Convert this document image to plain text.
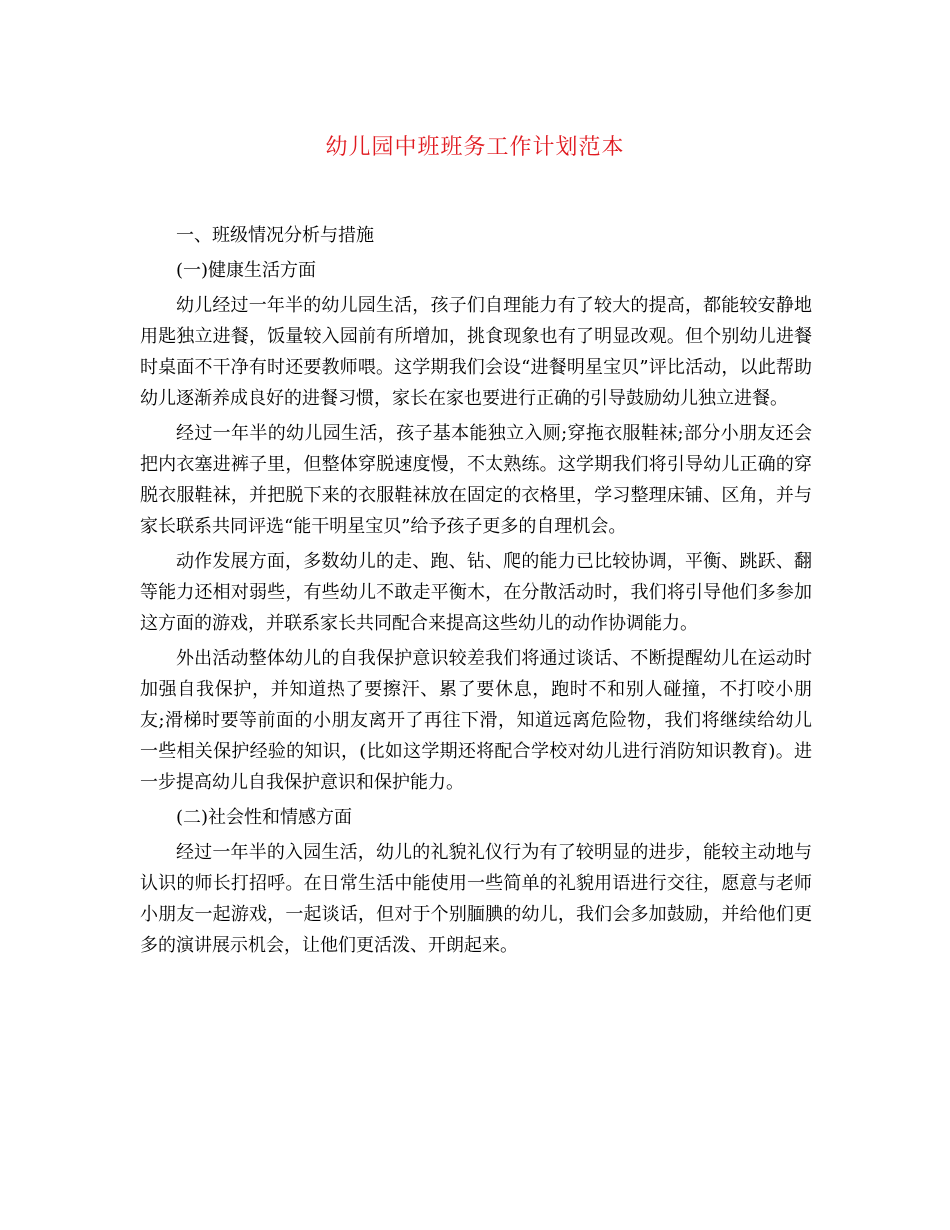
幼儿园中班班务工作计划范本

一、班级情况分析与措施

(一)健康生活方面

幼儿经过一年半的幼儿园生活，孩子们自理能力有了较大的提高，都能较安静地用匙独立进餐，饭量较入园前有所增加，挑食现象也有了明显改观。但个别幼儿进餐时桌面不干净有时还要教师喂。这学期我们会设“进餐明星宝贝”评比活动，以此帮助幼儿逐渐养成良好的进餐习惯，家长在家也要进行正确的引导鼓励幼儿独立进餐。

经过一年半的幼儿园生活，孩子基本能独立入厕;穿拖衣服鞋袜;部分小朋友还会把内衣塞进裤子里，但整体穿脱速度慢，不太熟练。这学期我们将引导幼儿正确的穿脱衣服鞋袜，并把脱下来的衣服鞋袜放在固定的衣格里，学习整理床铺、区角，并与家长联系共同评选“能干明星宝贝”给予孩子更多的自理机会。

动作发展方面，多数幼儿的走、跑、钻、爬的能力已比较协调，平衡、跳跃、翻等能力还相对弱些，有些幼儿不敢走平衡木，在分散活动时，我们将引导他们多参加这方面的游戏，并联系家长共同配合来提高这些幼儿的动作协调能力。

外出活动整体幼儿的自我保护意识较差我们将通过谈话、不断提醒幼儿在运动时加强自我保护，并知道热了要擦汗、累了要休息，跑时不和别人碰撞，不打咬小朋友;滑梯时要等前面的小朋友离开了再往下滑，知道远离危险物，我们将继续给幼儿一些相关保护经验的知识，(比如这学期还将配合学校对幼儿进行消防知识教育)。进一步提高幼儿自我保护意识和保护能力。

(二)社会性和情感方面

经过一年半的入园生活，幼儿的礼貌礼仪行为有了较明显的进步，能较主动地与认识的师长打招呼。在日常生活中能使用一些简单的礼貌用语进行交往，愿意与老师小朋友一起游戏，一起谈话，但对于个别腼腆的幼儿，我们会多加鼓励，并给他们更多的演讲展示机会，让他们更活泼、开朗起来。
